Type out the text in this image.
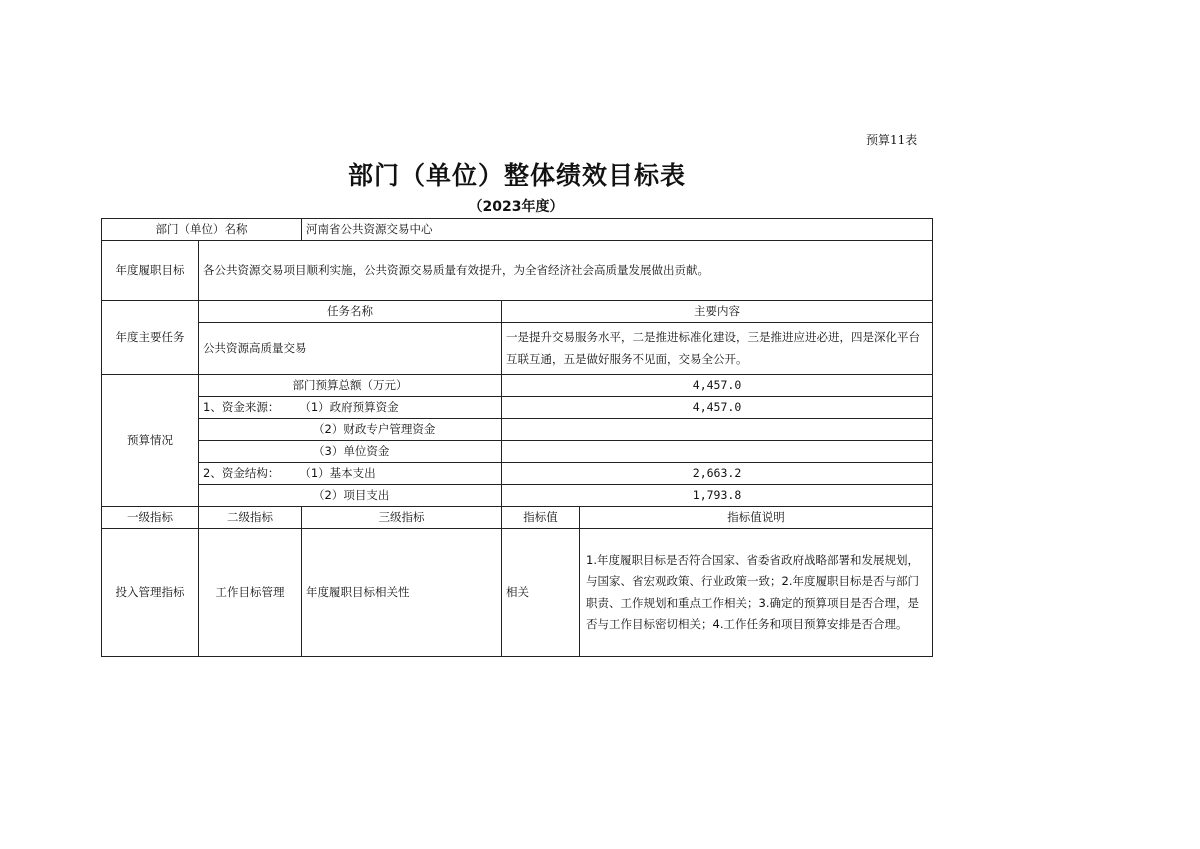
预算11表
部门（单位）整体绩效目标表
（2023年度）
部门（单位）名称		河南省公共资源交易中心		
年度履职目标	各公共资源交易项目顺利实施，公共资源交易质量有效提升，为全省经济社会高质量发展做出贡献。			
年度主要任务	任务名称		主要内容	
	公共资源高质量交易		一是提升交易服务水平，二是推进标准化建设，三是推进应进必进，四是深化平台互联互通，五是做好服务不见面，交易全公开。	
预算情况	部门预算总额（万元）		4,457.0	
	1、资金来源： （1）政府预算资金		4,457.0	
	（2）财政专户管理资金			
	（3）单位资金			
	2、资金结构： （1）基本支出		2,663.2	
	（2）项目支出		1,793.8	
一级指标	二级指标	三级指标	指标值	指标值说明
投入管理指标	工作目标管理	年度履职目标相关性	相关	1.年度履职目标是否符合国家、省委省政府战略部署和发展规划，与国家、省宏观政策、行业政策一致；2.年度履职目标是否与部门职责、工作规划和重点工作相关；3.确定的预算项目是否合理，是否与工作目标密切相关；4.工作任务和项目预算安排是否合理。
